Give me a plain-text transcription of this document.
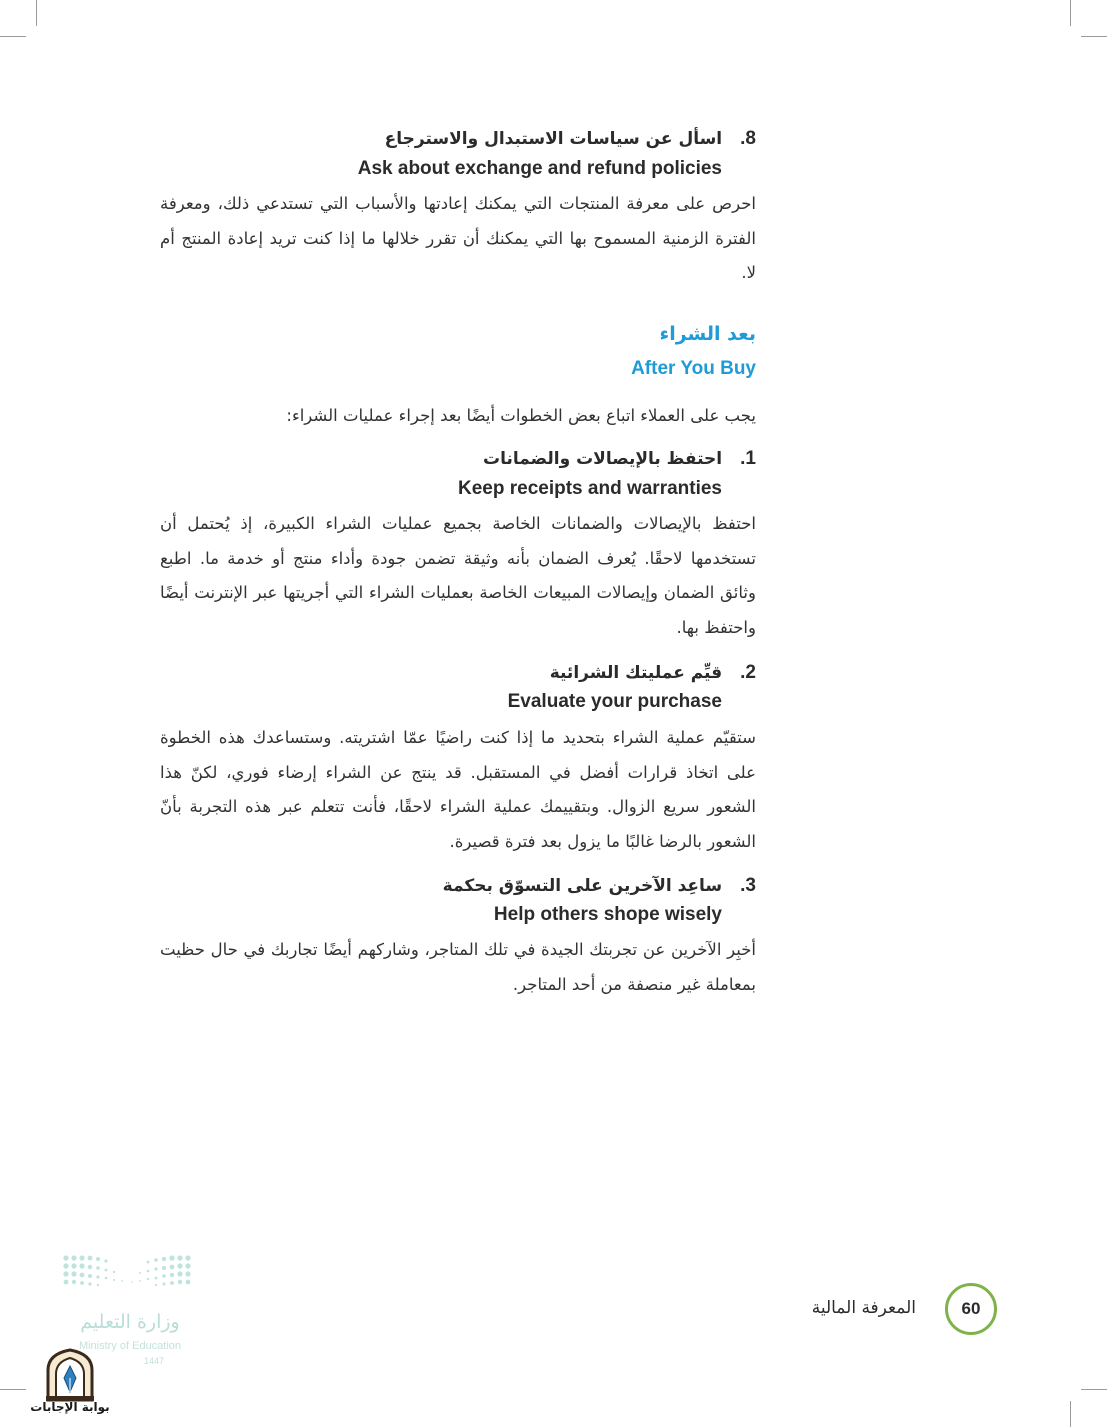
.8
اسأل عن سياسات الاستبدال والاسترجاع
Ask about exchange and refund policies
احرص على معرفة المنتجات التي يمكنك إعادتها والأسباب التي تستدعي ذلك، ومعرفة الفترة الزمنية المسموح بها التي يمكنك أن تقرر خلالها ما إذا كنت تريد إعادة المنتج أم لا.
بعد الشراء
After You Buy
يجب على العملاء اتباع بعض الخطوات أيضًا بعد إجراء عمليات الشراء:
.1
احتفظ بالإيصالات والضمانات
Keep receipts and warranties
احتفظ بالإيصالات والضمانات الخاصة بجميع عمليات الشراء الكبيرة، إذ يُحتمل أن تستخدمها لاحقًا. يُعرف الضمان بأنه وثيقة تضمن جودة وأداء منتج أو خدمة ما. اطبع وثائق الضمان وإيصالات المبيعات الخاصة بعمليات الشراء التي أجريتها عبر الإنترنت أيضًا واحتفظ بها.
.2
قيِّم عمليتك الشرائية
Evaluate your purchase
ستقيّم عملية الشراء بتحديد ما إذا كنت راضيًا عمّا اشتريته. وستساعدك هذه الخطوة على اتخاذ قرارات أفضل في المستقبل. قد ينتج عن الشراء إرضاء فوري، لكنّ هذا الشعور سريع الزوال. وبتقييمك عملية الشراء لاحقًا، فأنت تتعلم عبر هذه التجربة بأنّ الشعور بالرضا غالبًا ما يزول بعد فترة قصيرة.
.3
ساعِد الآخرين على التسوّق بحكمة
Help others shope wisely
أخبِر الآخرين عن تجربتك الجيدة في تلك المتاجر، وشاركهم أيضًا تجاربك في حال حظيت بمعاملة غير منصفة من أحد المتاجر.
المعرفة المالية	60
وزارة التعليم
Ministry of Education
1447
بوابة الإجابات
